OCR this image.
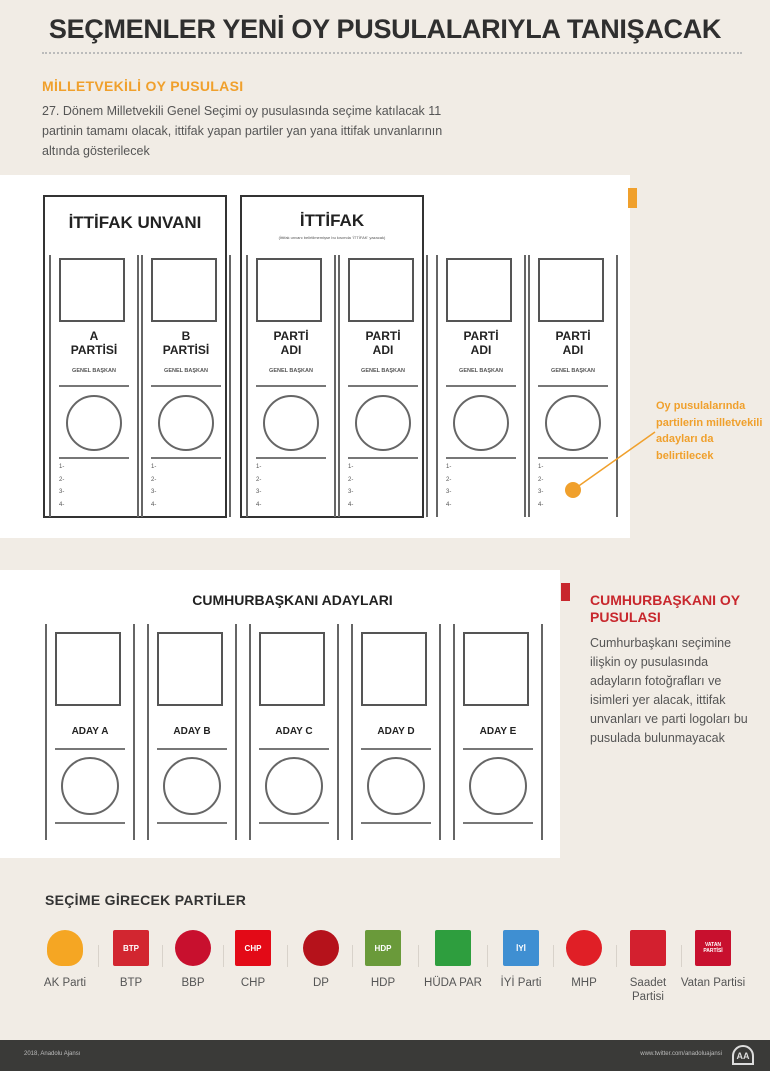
SEÇMENLER YENİ OY PUSULALARIYLA TANIŞACAK
MİLLETVEKİLİ OY PUSULASI
27. Dönem Milletvekili Genel Seçimi oy pusulasında seçime katılacak 11 partinin tamamı olacak, ittifak yapan partiler yan yana ittifak unvanlarının altında gösterilecek
İTTİFAK UNVANI	İTTİFAK
(İttifak unvanı belirtilmemişse bu kısımda 'İTTİFAK' yazacak)
A PARTİSİ
GENEL BAŞKAN
1-
2-
3-
4-
B PARTİSİ
GENEL BAŞKAN
1-
2-
3-
4-
PARTİ ADI
GENEL BAŞKAN
1-
2-
3-
4-
PARTİ ADI
GENEL BAŞKAN
1-
2-
3-
4-
PARTİ ADI
GENEL BAŞKAN
1-
2-
3-
4-
PARTİ ADI
GENEL BAŞKAN
1-
2-
3-
4-
Oy pusulalarında partilerin milletvekili adayları da belirtilecek
CUMHURBAŞKANI ADAYLARI
ADAY A	ADAY B	ADAY C	ADAY D	ADAY E
CUMHURBAŞKANI OY PUSULASI
Cumhurbaşkanı seçimine ilişkin oy pusulasında adayların fotoğrafları ve isimleri yer alacak, ittifak unvanları ve parti logoları bu pusulada bulunmayacak
SEÇİME GİRECEK PARTİLER
AK Parti
BTP
BTP	BBP
CHP
CHP	DP
HDP
HDP	HÜDA PAR
İYİ
İYİ Parti	MHP	Saadet Partisi
VATAN PARTİSİ
Vatan Partisi
2018, Anadolu Ajansı	www.twitter.com/anadoluajansi	AA
